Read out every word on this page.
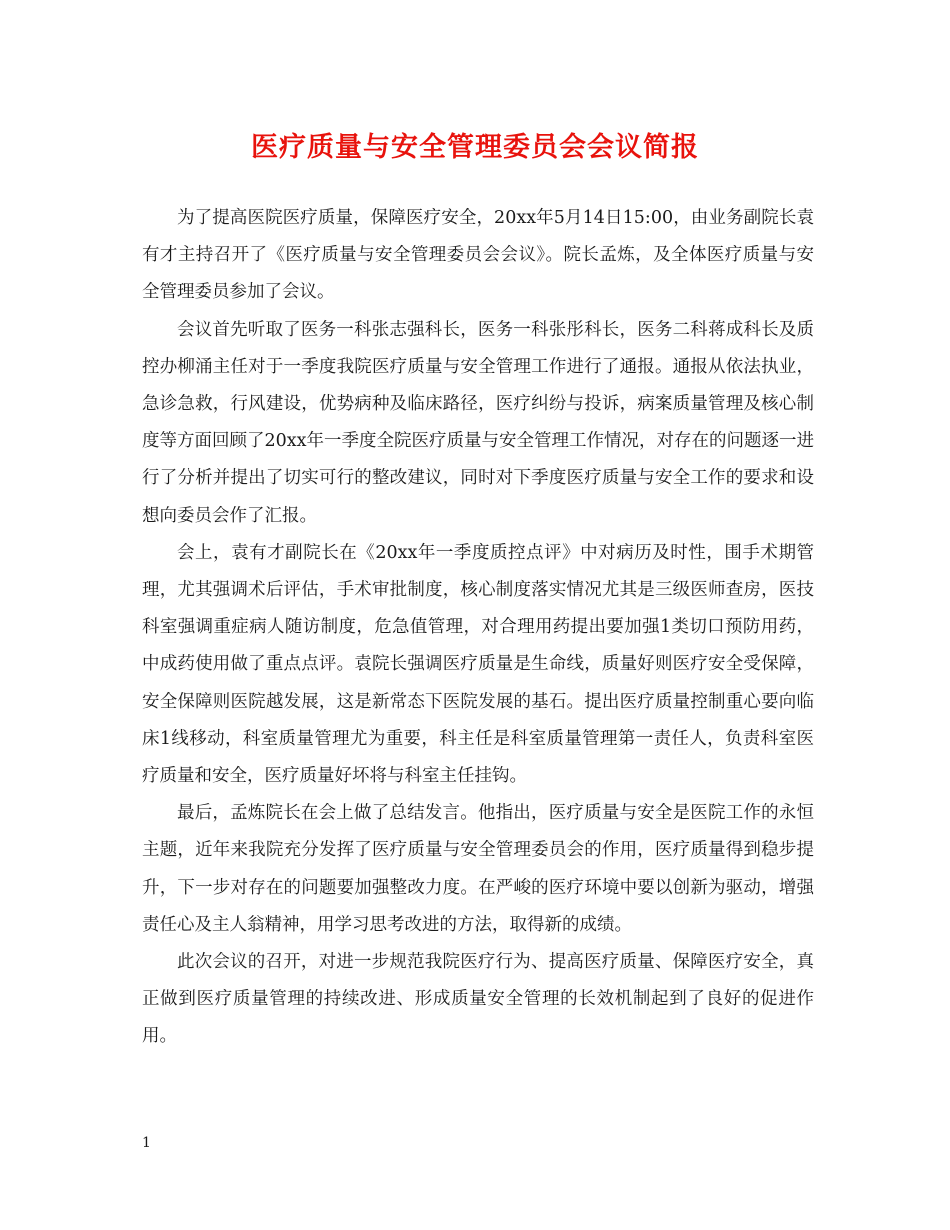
医疗质量与安全管理委员会会议简报

为了提高医院医疗质量，保障医疗安全，20xx年5月14日15:00，由业务副院长袁有才主持召开了《医疗质量与安全管理委员会会议》。院长孟炼，及全体医疗质量与安全管理委员参加了会议。

会议首先听取了医务一科张志强科长，医务一科张彤科长，医务二科蒋成科长及质控办柳涌主任对于一季度我院医疗质量与安全管理工作进行了通报。通报从依法执业，急诊急救，行风建设，优势病种及临床路径，医疗纠纷与投诉，病案质量管理及核心制度等方面回顾了20xx年一季度全院医疗质量与安全管理工作情况，对存在的问题逐一进行了分析并提出了切实可行的整改建议，同时对下季度医疗质量与安全工作的要求和设想向委员会作了汇报。

会上，袁有才副院长在《20xx年一季度质控点评》中对病历及时性，围手术期管理，尤其强调术后评估，手术审批制度，核心制度落实情况尤其是三级医师查房，医技科室强调重症病人随访制度，危急值管理，对合理用药提出要加强1类切口预防用药，中成药使用做了重点点评。袁院长强调医疗质量是生命线，质量好则医疗安全受保障，安全保障则医院越发展，这是新常态下医院发展的基石。提出医疗质量控制重心要向临床1线移动，科室质量管理尤为重要，科主任是科室质量管理第一责任人，负责科室医疗质量和安全，医疗质量好坏将与科室主任挂钩。

最后，孟炼院长在会上做了总结发言。他指出，医疗质量与安全是医院工作的永恒主题，近年来我院充分发挥了医疗质量与安全管理委员会的作用，医疗质量得到稳步提升，下一步对存在的问题要加强整改力度。在严峻的医疗环境中要以创新为驱动，增强责任心及主人翁精神，用学习思考改进的方法，取得新的成绩。

此次会议的召开，对进一步规范我院医疗行为、提高医疗质量、保障医疗安全，真正做到医疗质量管理的持续改进、形成质量安全管理的长效机制起到了良好的促进作用。

1
